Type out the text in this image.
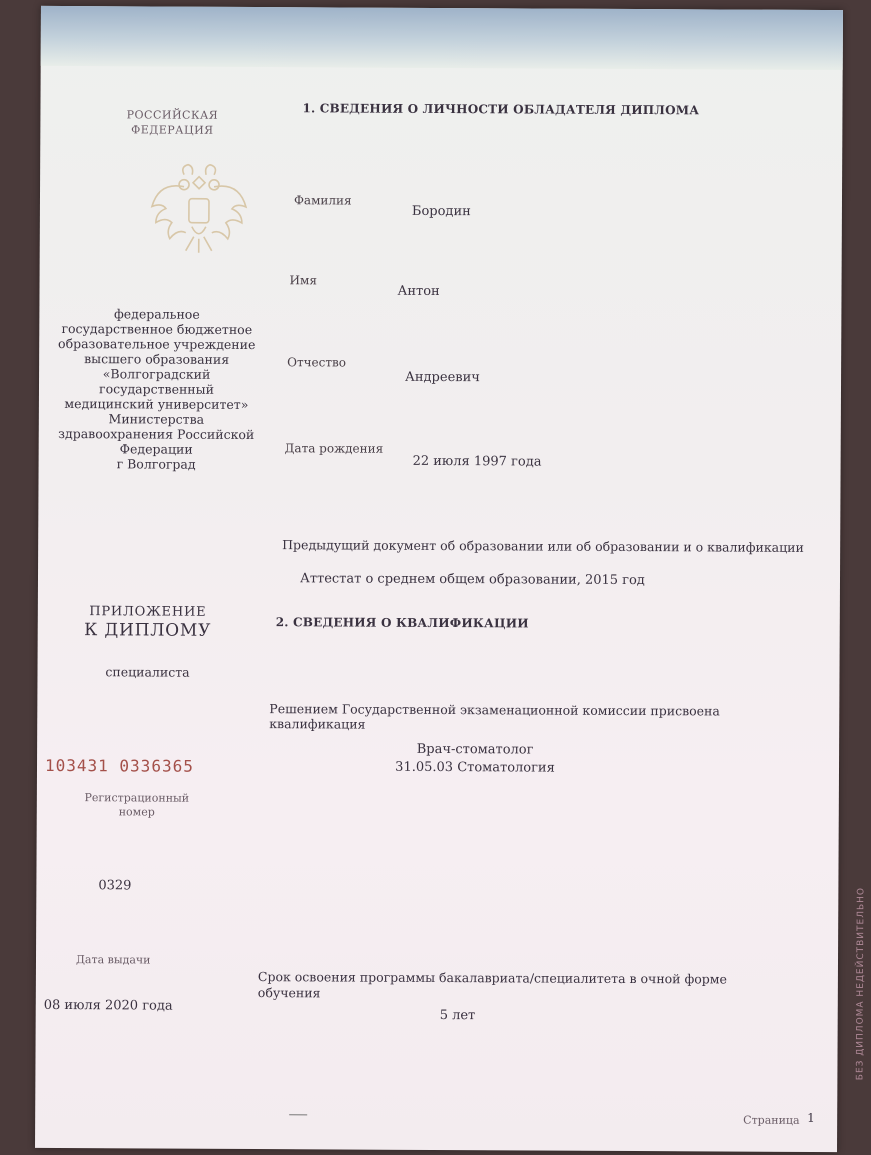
РОССИЙСКАЯ
ФЕДЕРАЦИЯ
федеральное
государственное бюджетное
образовательное учреждение
высшего образования
«Волгоградский
государственный
медицинский университет»
Министерства
здравоохранения Российской
Федерации
г Волгоград
ПРИЛОЖЕНИЕ
К ДИПЛОМУ
специалиста
103431 0336365
Регистрационный
номер
0329
Дата выдачи
08 июля 2020 года
1. СВЕДЕНИЯ О ЛИЧНОСТИ ОБЛАДАТЕЛЯ ДИПЛОМА
Фамилия
Бородин
Имя
Антон
Отчество
Андреевич
Дата рождения
22 июля 1997 года
Предыдущий документ об образовании или об образовании и о квалификации
Аттестат о среднем общем образовании, 2015 год
2. СВЕДЕНИЯ О КВАЛИФИКАЦИИ
Решением Государственной экзаменационной комиссии присвоена
квалификация
Врач-стоматолог
31.05.03 Стоматология
Срок освоения программы бакалавриата/специалитета в очной форме
обучения
5 лет	БЕЗ ДИПЛОМА НЕДЕЙСТВИТЕЛЬНО
Страница 1
